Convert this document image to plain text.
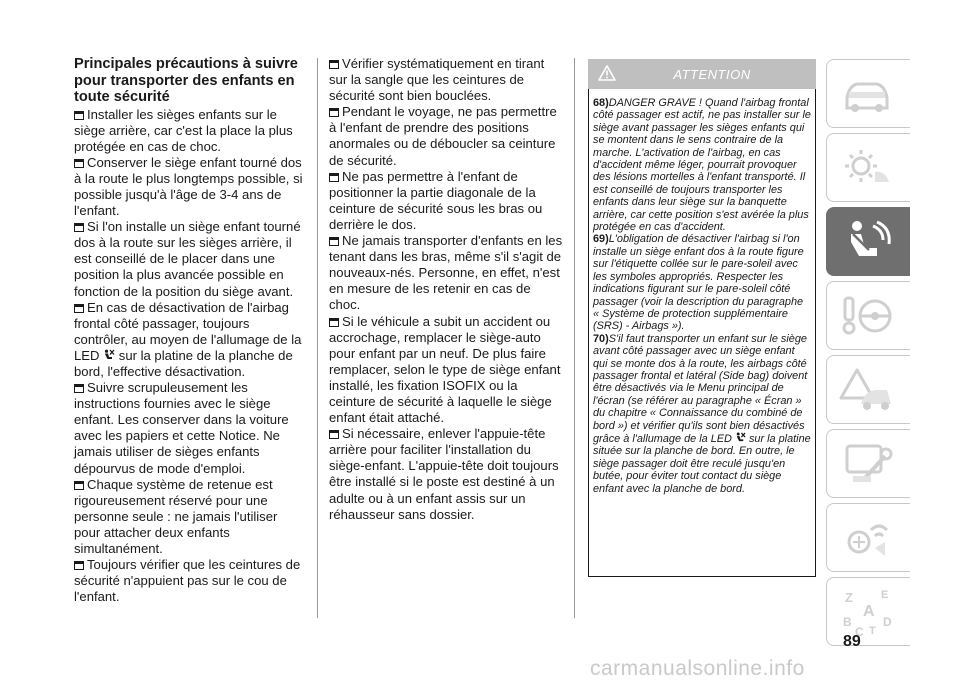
Principales précautions à suivre pour transporter des enfants en toute sécurité

Installer les sièges enfants sur le siège arrière, car c'est la place la plus protégée en cas de choc.

Conserver le siège enfant tourné dos à la route le plus longtemps possible, si possible jusqu'à l'âge de 3-4 ans de l'enfant.

Si l'on installe un siège enfant tourné dos à la route sur les sièges arrière, il est conseillé de le placer dans une position la plus avancée possible en fonction de la position du siège avant.

En cas de désactivation de l'airbag frontal côté passager, toujours contrôler, au moyen de l'allumage de la LED sur la platine de la planche de bord, l'effective désactivation.

Suivre scrupuleusement les instructions fournies avec le siège enfant. Les conserver dans la voiture avec les papiers et cette Notice. Ne jamais utiliser de sièges enfants dépourvus de mode d'emploi.

Chaque système de retenue est rigoureusement réservé pour une personne seule : ne jamais l'utiliser pour attacher deux enfants simultanément.

Toujours vérifier que les ceintures de sécurité n'appuient pas sur le cou de l'enfant.

Vérifier systématiquement en tirant sur la sangle que les ceintures de sécurité sont bien bouclées.

Pendant le voyage, ne pas permettre à l'enfant de prendre des positions anormales ou de déboucler sa ceinture de sécurité.

Ne pas permettre à l'enfant de positionner la partie diagonale de la ceinture de sécurité sous les bras ou derrière le dos.

Ne jamais transporter d'enfants en les tenant dans les bras, même s'il s'agit de nouveaux-nés. Personne, en effet, n'est en mesure de les retenir en cas de choc.

Si le véhicule a subit un accident ou accrochage, remplacer le siège-auto pour enfant par un neuf. De plus faire remplacer, selon le type de siège enfant installé, les fixation ISOFIX ou la ceinture de sécurité à laquelle le siège enfant était attaché.

Si nécessaire, enlever l'appuie-tête arrière pour faciliter l'installation du siège-enfant. L'appuie-tête doit toujours être installé si le poste est destiné à un adulte ou à un enfant assis sur un réhausseur sans dossier.

ATTENTION

68)DANGER GRAVE ! Quand l'airbag frontal côté passager est actif, ne pas installer sur le siège avant passager les sièges enfants qui se montent dans le sens contraire de la marche. L'activation de l'airbag, en cas d'accident même léger, pourrait provoquer des lésions mortelles à l'enfant transporté. Il est conseillé de toujours transporter les enfants dans leur siège sur la banquette arrière, car cette position s'est avérée la plus protégée en cas d'accident.

69)L'obligation de désactiver l'airbag si l'on installe un siège enfant dos à la route figure sur l'étiquette collée sur le pare-soleil avec les symboles appropriés. Respecter les indications figurant sur le pare-soleil côté passager (voir la description du paragraphe « Système de protection supplémentaire (SRS) - Airbags »).

70)S'il faut transporter un enfant sur le siège avant côté passager avec un siège enfant qui se monte dos à la route, les airbags côté passager frontal et latéral (Side bag) doivent être désactivés via le Menu principal de l'écran (se référer au paragraphe « Écran » du chapitre « Connaissance du combiné de bord ») et vérifier qu'ils sont bien désactivés grâce à l'allumage de la LED sur la platine située sur la planche de bord. En outre, le siège passager doit être reculé jusqu'en butée, pour éviter tout contact du siège enfant avec la planche de bord.

Z	E
A
B
C T
D
89
carmanualsonline.info
